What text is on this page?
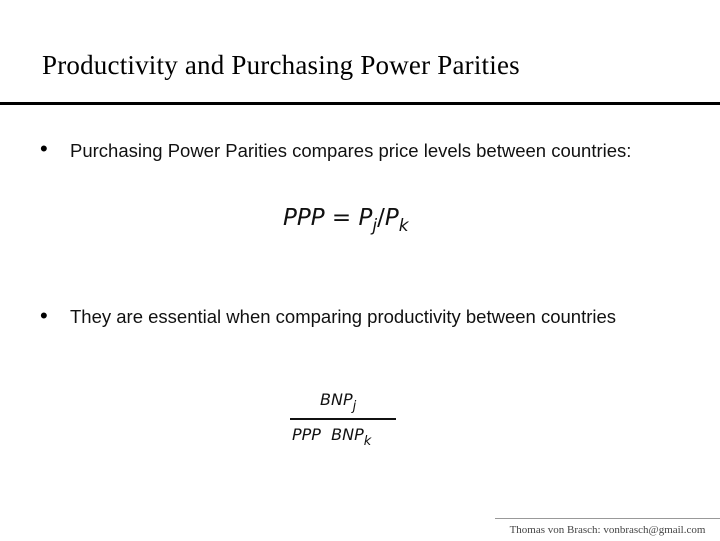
Productivity and Purchasing Power Parities
• Purchasing Power Parities compares price levels between countries:
PPP = $P_j/P_k$
• They are essential when comparing productivity between countries
$BNP_j$
PPP $BNP_k$
Thomas von Brasch: vonbrasch@gmail.com
